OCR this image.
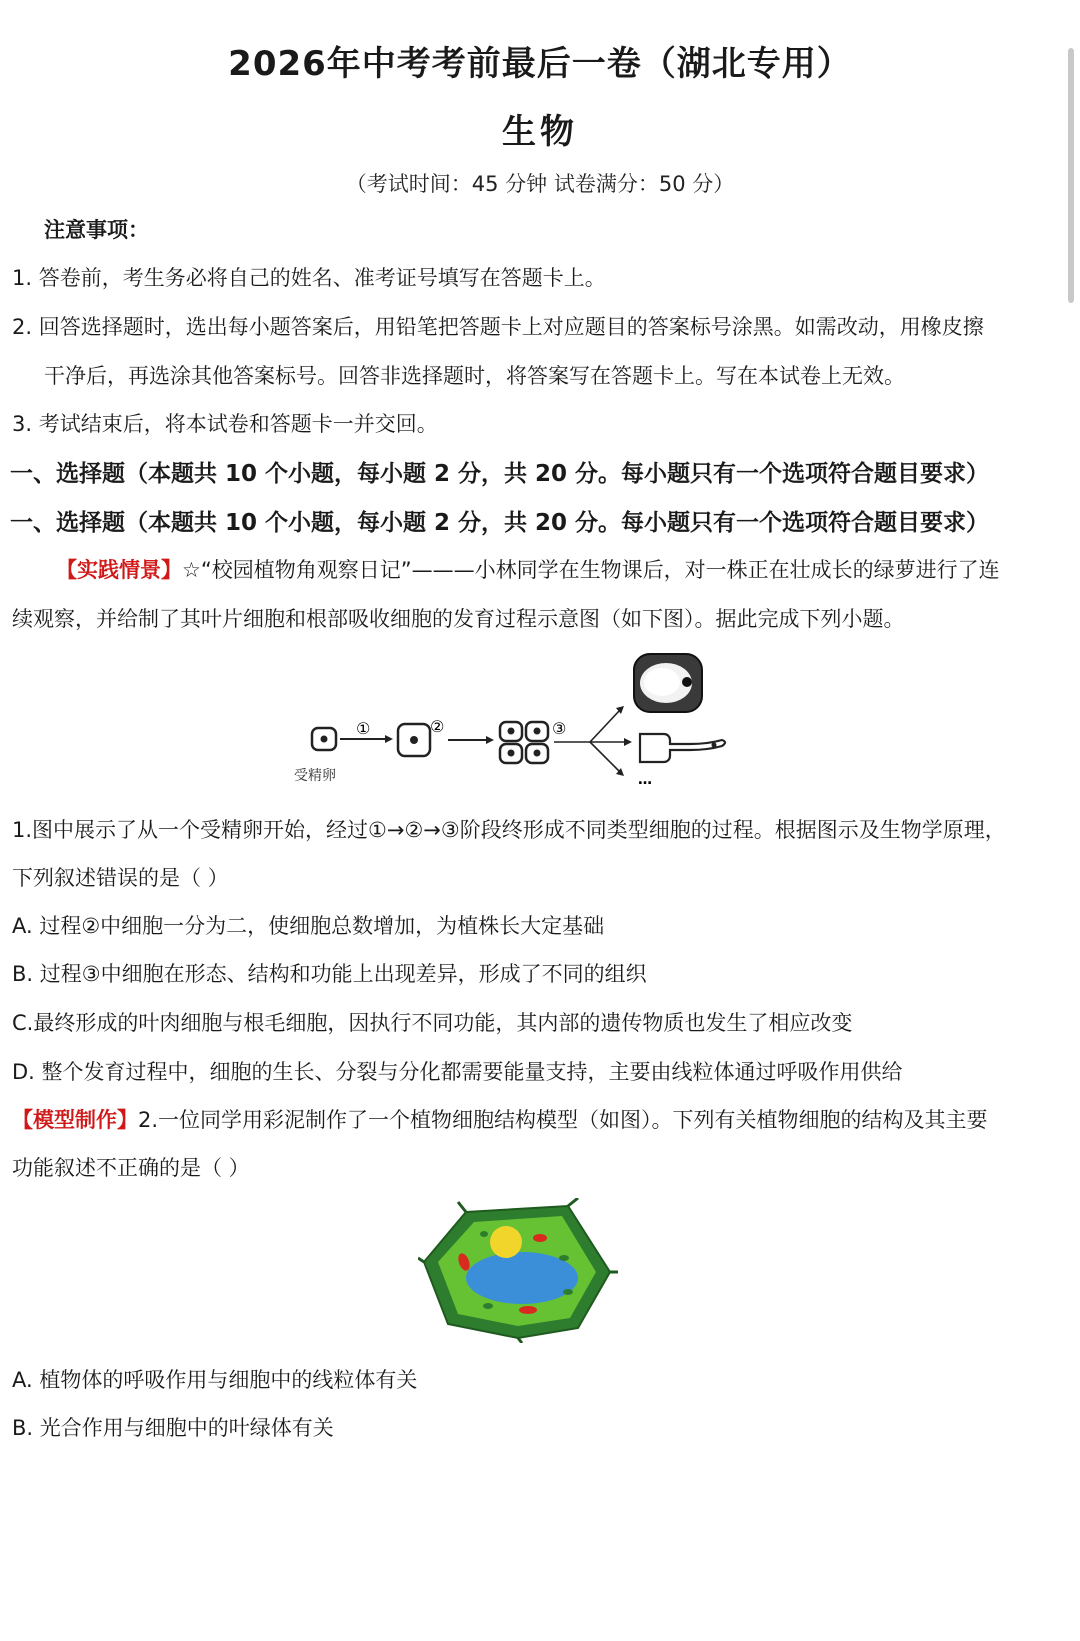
2026年中考考前最后一卷（湖北专用）
生物
（考试时间：45 分钟 试卷满分：50 分）
注意事项：
1. 答卷前，考生务必将自己的姓名、准考证号填写在答题卡上。
2. 回答选择题时，选出每小题答案后，用铅笔把答题卡上对应题目的答案标号涂黑。如需改动，用橡皮擦
干净后，再选涂其他答案标号。回答非选择题时，将答案写在答题卡上。写在本试卷上无效。
3. 考试结束后，将本试卷和答题卡一并交回。
一、选择题（本题共 10 个小题，每小题 2 分，共 20 分。每小题只有一个选项符合题目要求）
一、选择题（本题共 10 个小题，每小题 2 分，共 20 分。每小题只有一个选项符合题目要求）
【实践情景】☆“校园植物角观察日记”———小林同学在生物课后，对一株正在壮成长的绿萝进行了连
续观察，并给制了其叶片细胞和根部吸收细胞的发育过程示意图（如下图）。据此完成下列小题。
①	②	③
…
受精卵
1.图中展示了从一个受精卵开始，经过①→②→③阶段终形成不同类型细胞的过程。根据图示及生物学原理，
下列叙述错误的是（ ）
A. 过程②中细胞一分为二，使细胞总数增加，为植株长大定基础
B. 过程③中细胞在形态、结构和功能上出现差异，形成了不同的组织
C.最终形成的叶肉细胞与根毛细胞，因执行不同功能，其内部的遗传物质也发生了相应改变
D. 整个发育过程中，细胞的生长、分裂与分化都需要能量支持，主要由线粒体通过呼吸作用供给
【模型制作】2.一位同学用彩泥制作了一个植物细胞结构模型（如图）。下列有关植物细胞的结构及其主要
功能叙述不正确的是（ ）
A. 植物体的呼吸作用与细胞中的线粒体有关
B. 光合作用与细胞中的叶绿体有关
